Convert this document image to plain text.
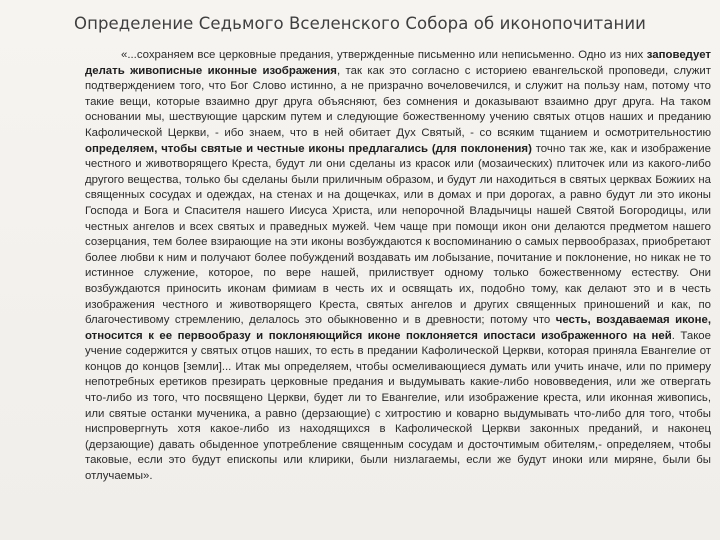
Определение Седьмого Вселенского Собора об иконопочитании

«...сохраняем все церковные предания, утвержденные письменно или неписьменно. Одно из них заповедует делать живописные иконные изображения, так как это согласно с историею евангельской проповеди, служит подтверждением того, что Бог Слово истинно, а не призрачно вочеловечился, и служит на пользу нам, потому что такие вещи, которые взаимно друг друга объясняют, без сомнения и доказывают взаимно друг друга. На таком основании мы, шествующие царским путем и следующие божественному учению святых отцов наших и преданию Кафолической Церкви, - ибо знаем, что в ней обитает Дух Святый, - со всяким тщанием и осмотрительностию определяем, чтобы святые и честные иконы предлагались (для поклонения) точно так же, как и изображение честного и животворящего Креста, будут ли они сделаны из красок или (мозаических) плиточек или из какого-либо другого вещества, только бы сделаны были приличным образом, и будут ли находиться в святых церквах Божиих на священных сосудах и одеждах, на стенах и на дощечках, или в домах и при дорогах, а равно будут ли это иконы Господа и Бога и Спасителя нашего Иисуса Христа, или непорочной Владычицы нашей Святой Богородицы, или честных ангелов и всех святых и праведных мужей. Чем чаще при помощи икон они делаются предметом нашего созерцания, тем более взирающие на эти иконы возбуждаются к воспоминанию о самых первообразах, приобретают более любви к ним и получают более побуждений воздавать им лобызание, почитание и поклонение, но никак не то истинное служение, которое, по вере нашей, прилиствует одному только божественному естеству. Они возбуждаются приносить иконам фимиам в честь их и освящать их, подобно тому, как делают это и в честь изображения честного и животворящего Креста, святых ангелов и других священных приношений и как, по благочестивому стремлению, делалось это обыкновенно и в древности; потому что честь, воздаваемая иконе, относится к ее первообразу и поклоняющийся иконе поклоняется ипостаси изображенного на ней. Такое учение содержится у святых отцов наших, то есть в предании Кафолической Церкви, которая приняла Евангелие от концов до концов [земли]... Итак мы определяем, чтобы осмеливающиеся думать или учить иначе, или по примеру непотребных еретиков презирать церковные предания и выдумывать какие-либо нововведения, или же отвергать что-либо из того, что посвящено Церкви, будет ли то Евангелие, или изображение креста, или иконная живопись, или святые останки мученика, а равно (дерзающие) с хитростию и коварно выдумывать что-либо для того, чтобы ниспровергнуть хотя какое-либо из находящихся в Кафолической Церкви законных преданий, и наконец (дерзающие) давать обыденное употребление священным сосудам и досточтимым обителям,- определяем, чтобы таковые, если это будут епископы или клирики, были низлагаемы, если же будут иноки или миряне, были бы отлучаемы».
